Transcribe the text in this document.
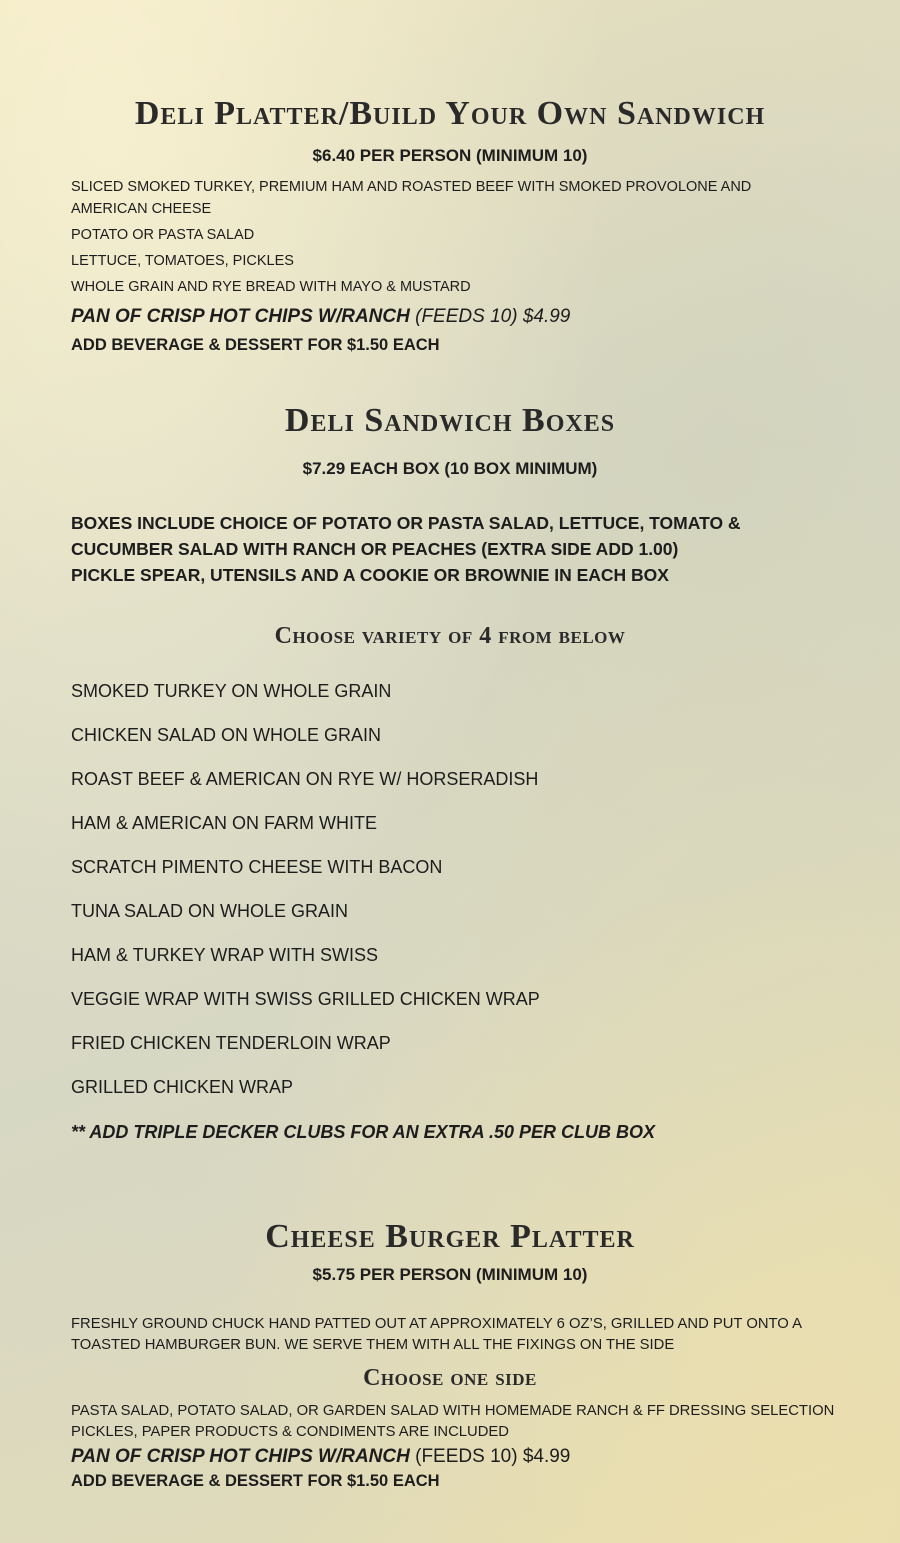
Deli Platter/Build Your Own Sandwich

$6.40 PER PERSON (MINIMUM 10)

SLICED SMOKED TURKEY, PREMIUM HAM AND ROASTED BEEF WITH SMOKED PROVOLONE AND

AMERICAN CHEESE

POTATO OR PASTA SALAD

LETTUCE, TOMATOES, PICKLES

WHOLE GRAIN AND RYE BREAD WITH MAYO & MUSTARD

PAN OF CRISP HOT CHIPS W/RANCH (FEEDS 10) $4.99

ADD BEVERAGE & DESSERT FOR $1.50 EACH

Deli Sandwich Boxes

$7.29 EACH BOX (10 BOX MINIMUM)

BOXES INCLUDE CHOICE OF POTATO OR PASTA SALAD, LETTUCE, TOMATO &

CUCUMBER SALAD WITH RANCH OR PEACHES (EXTRA SIDE ADD 1.00)

PICKLE SPEAR, UTENSILS AND A COOKIE OR BROWNIE IN EACH BOX

Choose variety of 4 from below

SMOKED TURKEY ON WHOLE GRAIN

CHICKEN SALAD ON WHOLE GRAIN

ROAST BEEF & AMERICAN ON RYE W/ HORSERADISH

HAM & AMERICAN ON FARM WHITE

SCRATCH PIMENTO CHEESE WITH BACON

TUNA SALAD ON WHOLE GRAIN

HAM & TURKEY WRAP WITH SWISS

VEGGIE WRAP WITH SWISS GRILLED CHICKEN WRAP

FRIED CHICKEN TENDERLOIN WRAP

GRILLED CHICKEN WRAP

** ADD TRIPLE DECKER CLUBS FOR AN EXTRA .50 PER CLUB BOX

Cheese Burger Platter

$5.75 PER PERSON (MINIMUM 10)

FRESHLY GROUND CHUCK HAND PATTED OUT AT APPROXIMATELY 6 OZ’S, GRILLED AND PUT ONTO A

TOASTED HAMBURGER BUN. WE SERVE THEM WITH ALL THE FIXINGS ON THE SIDE

Choose one side

PASTA SALAD, POTATO SALAD, OR GARDEN SALAD WITH HOMEMADE RANCH & FF DRESSING SELECTION

PICKLES, PAPER PRODUCTS & CONDIMENTS ARE INCLUDED

PAN OF CRISP HOT CHIPS W/RANCH (FEEDS 10) $4.99

ADD BEVERAGE & DESSERT FOR $1.50 EACH
